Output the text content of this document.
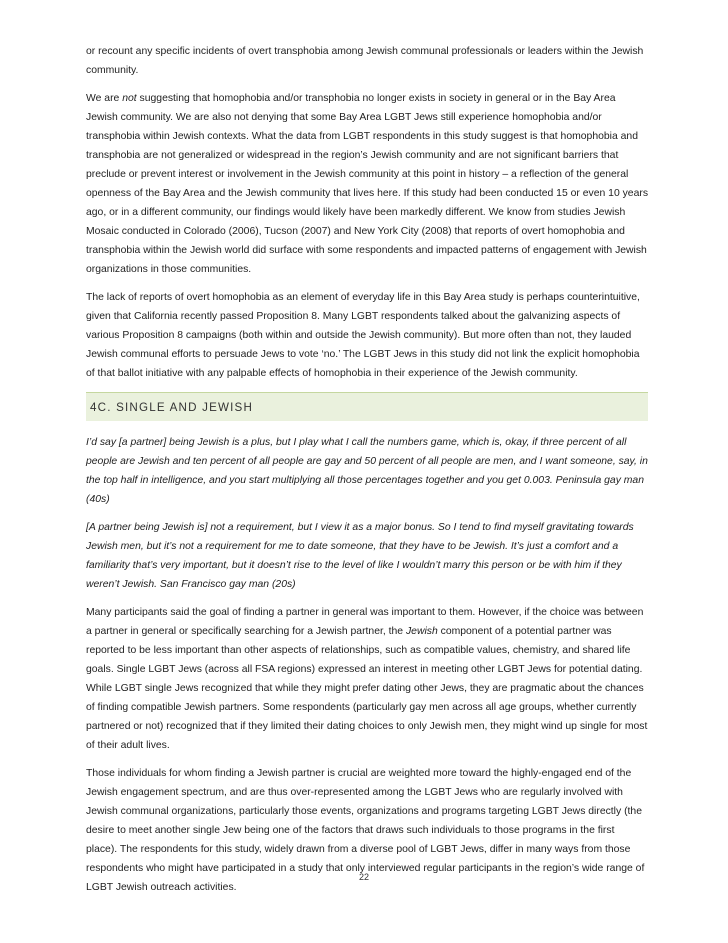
or recount any specific incidents of overt transphobia among Jewish communal professionals or leaders within the Jewish community.

We are not suggesting that homophobia and/or transphobia no longer exists in society in general or in the Bay Area Jewish community. We are also not denying that some Bay Area LGBT Jews still experience homophobia and/or transphobia within Jewish contexts. What the data from LGBT respondents in this study suggest is that homophobia and transphobia are not generalized or widespread in the region’s Jewish community and are not significant barriers that preclude or prevent interest or involvement in the Jewish community at this point in history – a reflection of the general openness of the Bay Area and the Jewish community that lives here. If this study had been conducted 15 or even 10 years ago, or in a different community, our findings would likely have been markedly different. We know from studies Jewish Mosaic conducted in Colorado (2006), Tucson (2007) and New York City (2008) that reports of overt homophobia and transphobia within the Jewish world did surface with some respondents and impacted patterns of engagement with Jewish organizations in those communities.

The lack of reports of overt homophobia as an element of everyday life in this Bay Area study is perhaps counterintuitive, given that California recently passed Proposition 8. Many LGBT respondents talked about the galvanizing aspects of various Proposition 8 campaigns (both within and outside the Jewish community). But more often than not, they lauded Jewish communal efforts to persuade Jews to vote ‘no.’ The LGBT Jews in this study did not link the explicit homophobia of that ballot initiative with any palpable effects of homophobia in their experience of the Jewish community.

4C. SINGLE AND JEWISH

I’d say [a partner] being Jewish is a plus, but I play what I call the numbers game, which is, okay, if three percent of all people are Jewish and ten percent of all people are gay and 50 percent of all people are men, and I want someone, say, in the top half in intelligence, and you start multiplying all those percentages together and you get 0.003. Peninsula gay man (40s)

[A partner being Jewish is] not a requirement, but I view it as a major bonus. So I tend to find myself gravitating towards Jewish men, but it’s not a requirement for me to date someone, that they have to be Jewish. It’s just a comfort and a familiarity that’s very important, but it doesn’t rise to the level of like I wouldn’t marry this person or be with him if they weren’t Jewish. San Francisco gay man (20s)

Many participants said the goal of finding a partner in general was important to them. However, if the choice was between a partner in general or specifically searching for a Jewish partner, the Jewish component of a potential partner was reported to be less important than other aspects of relationships, such as compatible values, chemistry, and shared life goals. Single LGBT Jews (across all FSA regions) expressed an interest in meeting other LGBT Jews for potential dating. While LGBT single Jews recognized that while they might prefer dating other Jews, they are pragmatic about the chances of finding compatible Jewish partners. Some respondents (particularly gay men across all age groups, whether currently partnered or not) recognized that if they limited their dating choices to only Jewish men, they might wind up single for most of their adult lives.

Those individuals for whom finding a Jewish partner is crucial are weighted more toward the highly-engaged end of the Jewish engagement spectrum, and are thus over-represented among the LGBT Jews who are regularly involved with Jewish communal organizations, particularly those events, organizations and programs targeting LGBT Jews directly (the desire to meet another single Jew being one of the factors that draws such individuals to those programs in the first place). The respondents for this study, widely drawn from a diverse pool of LGBT Jews, differ in many ways from those respondents who might have participated in a study that only interviewed regular participants in the region’s wide range of LGBT Jewish outreach activities.

22
